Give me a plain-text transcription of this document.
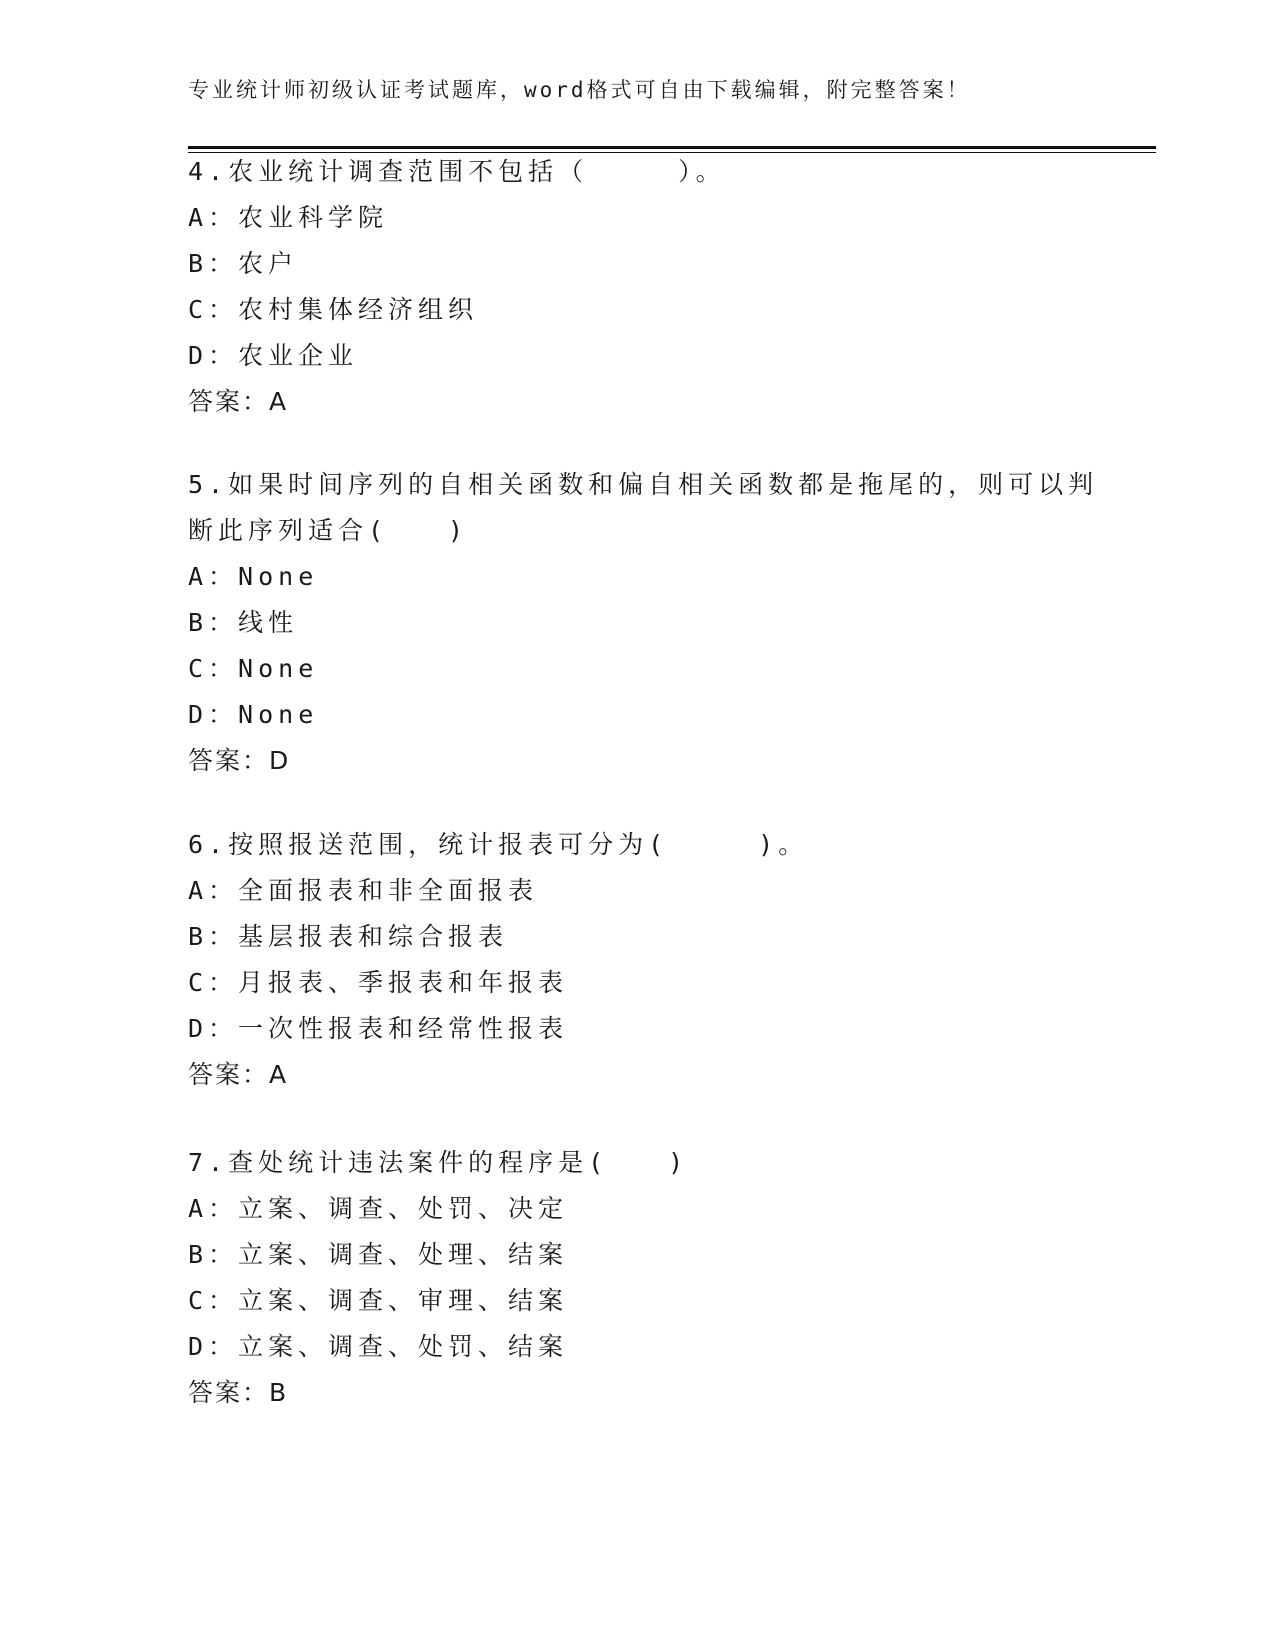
专业统计师初级认证考试题库，word格式可自由下载编辑，附完整答案！
4.农业统计调查范围不包括（　　　）。
A：农业科学院
B：农户
C：农村集体经济组织
D：农业企业
答案：A
5.如果时间序列的自相关函数和偏自相关函数都是拖尾的，则可以判
断此序列适合(　　)
A：None
B：线性
C：None
D：None
答案：D
6.按照报送范围，统计报表可分为(　　　)。
A：全面报表和非全面报表
B：基层报表和综合报表
C：月报表、季报表和年报表
D：一次性报表和经常性报表
答案：A
7.查处统计违法案件的程序是(　　)
A：立案、调查、处罚、决定
B：立案、调查、处理、结案
C：立案、调查、审理、结案
D：立案、调查、处罚、结案
答案：B
